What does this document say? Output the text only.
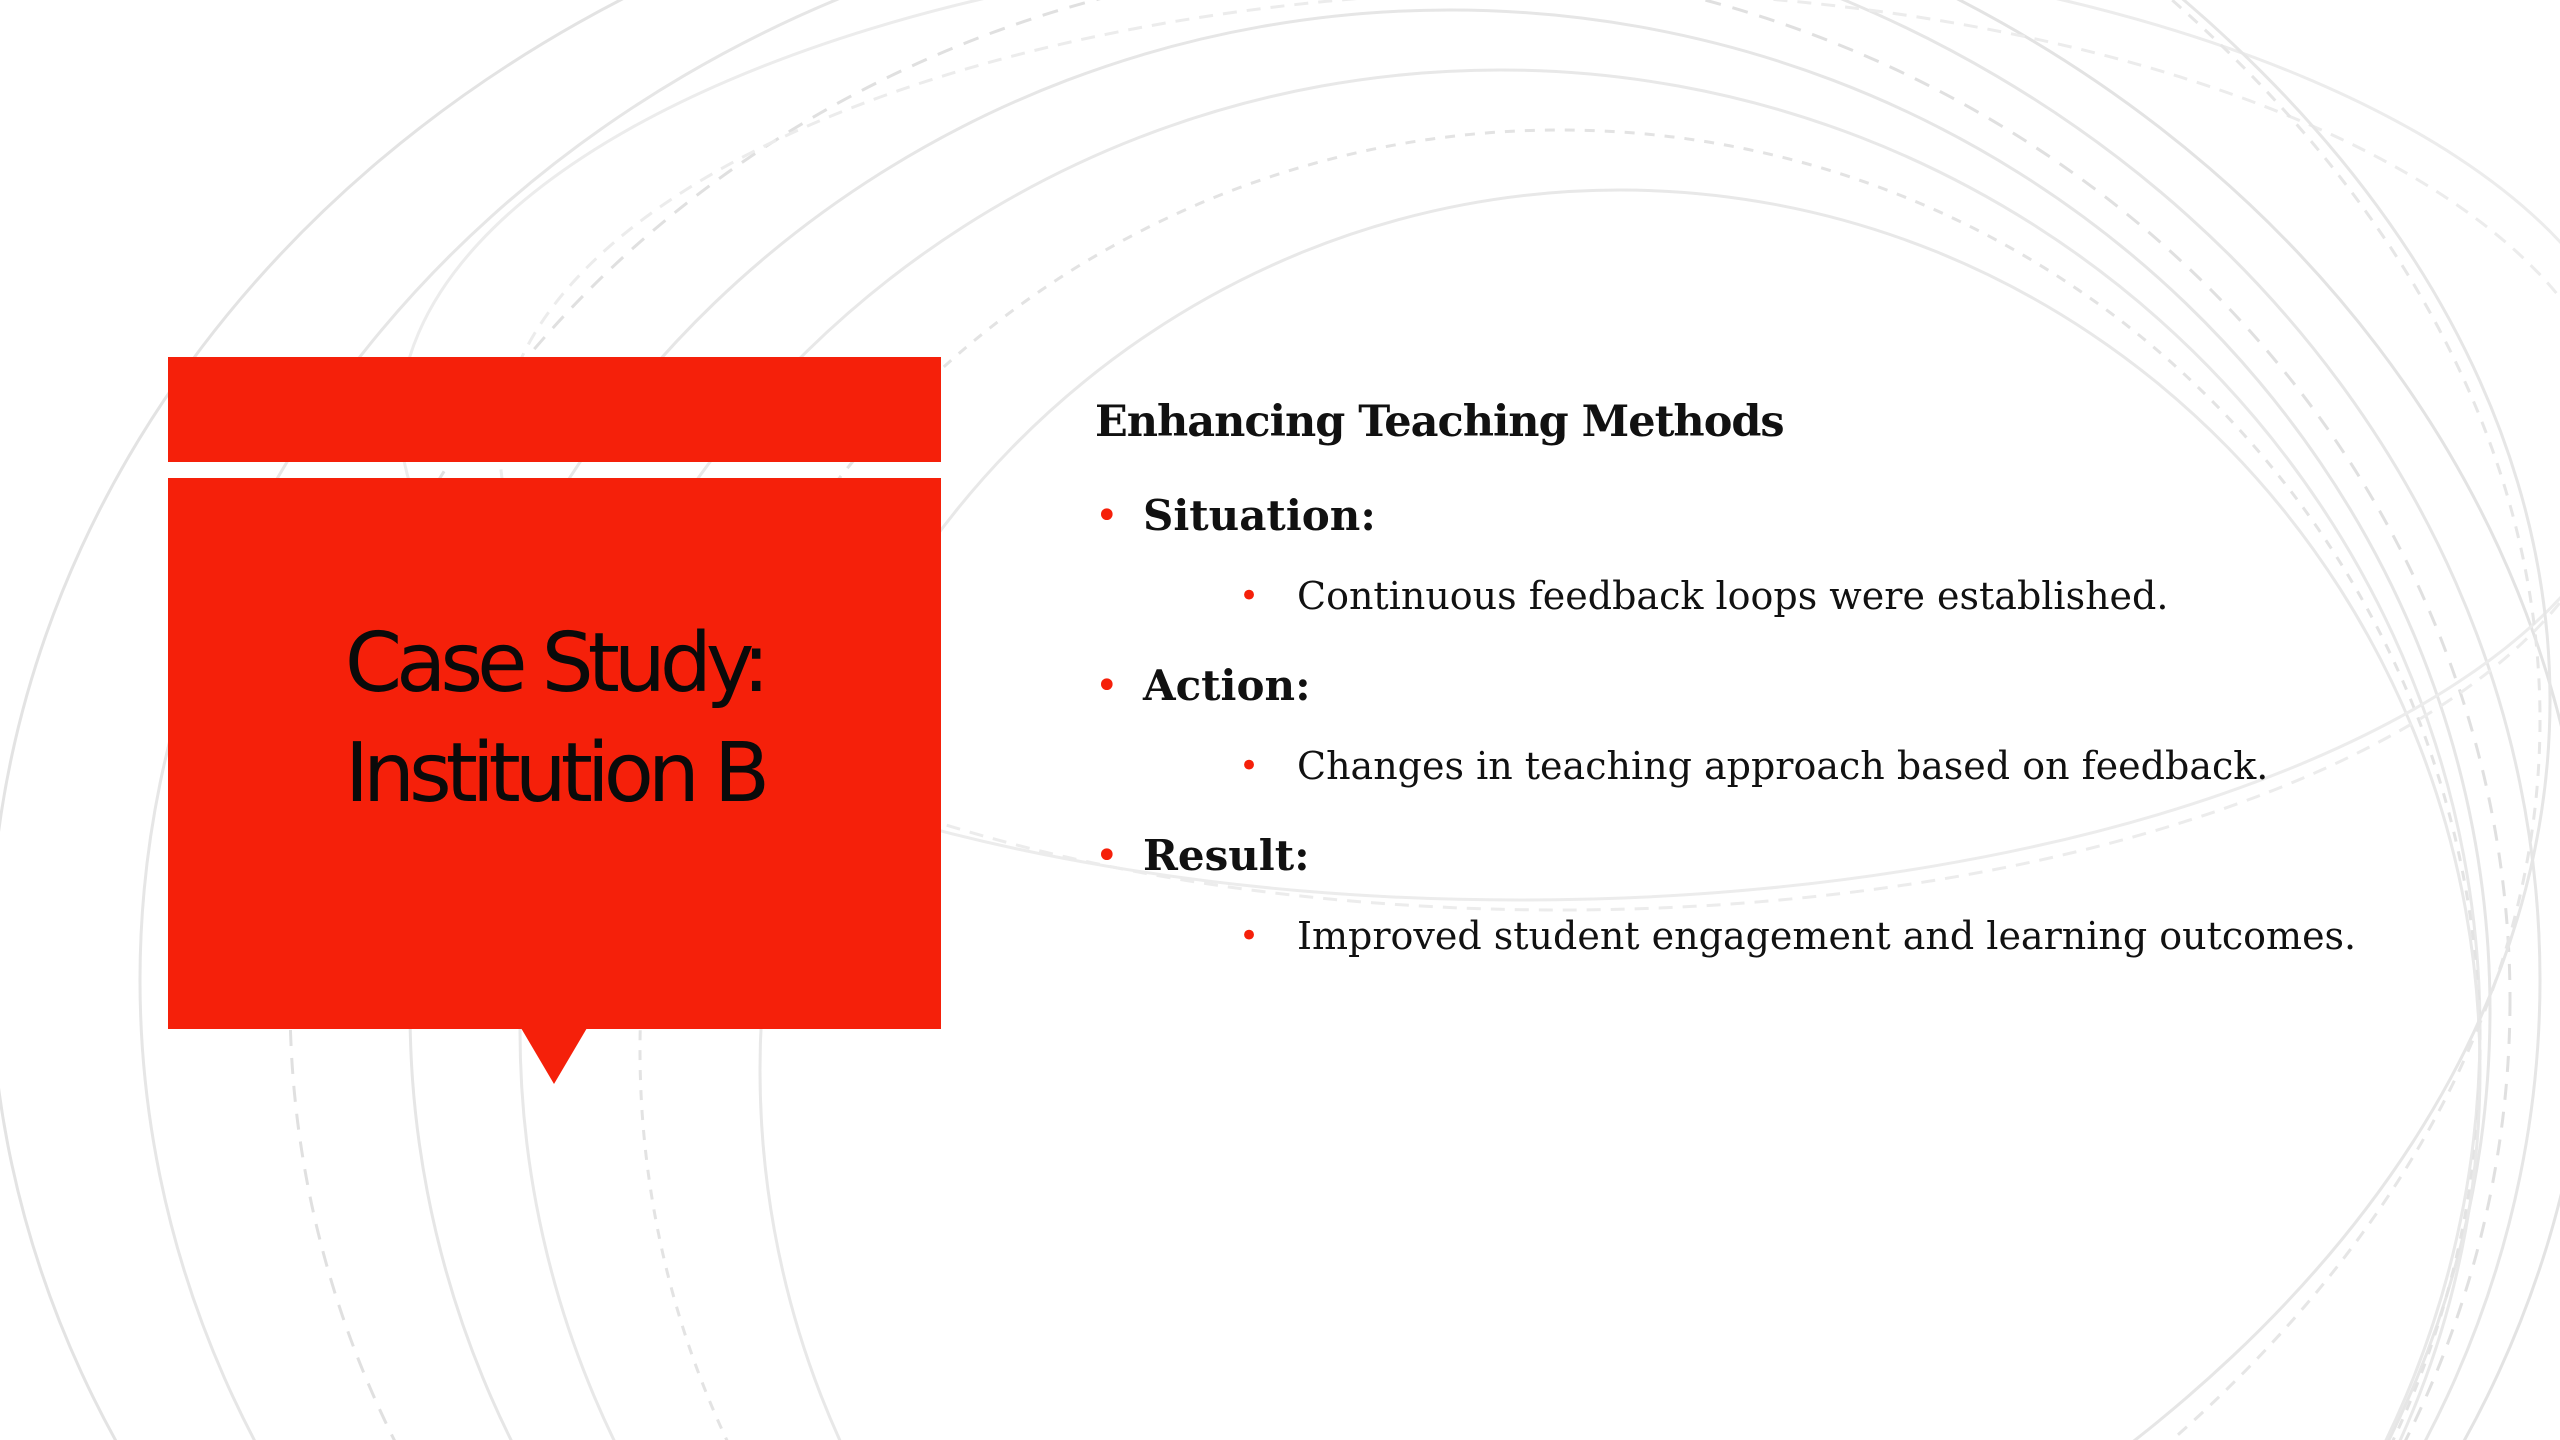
Case Study:
Institution B
Enhancing Teaching Methods
• Situation:
• Continuous feedback loops were established.
• Action:
• Changes in teaching approach based on feedback.
• Result:
• Improved student engagement and learning outcomes.
